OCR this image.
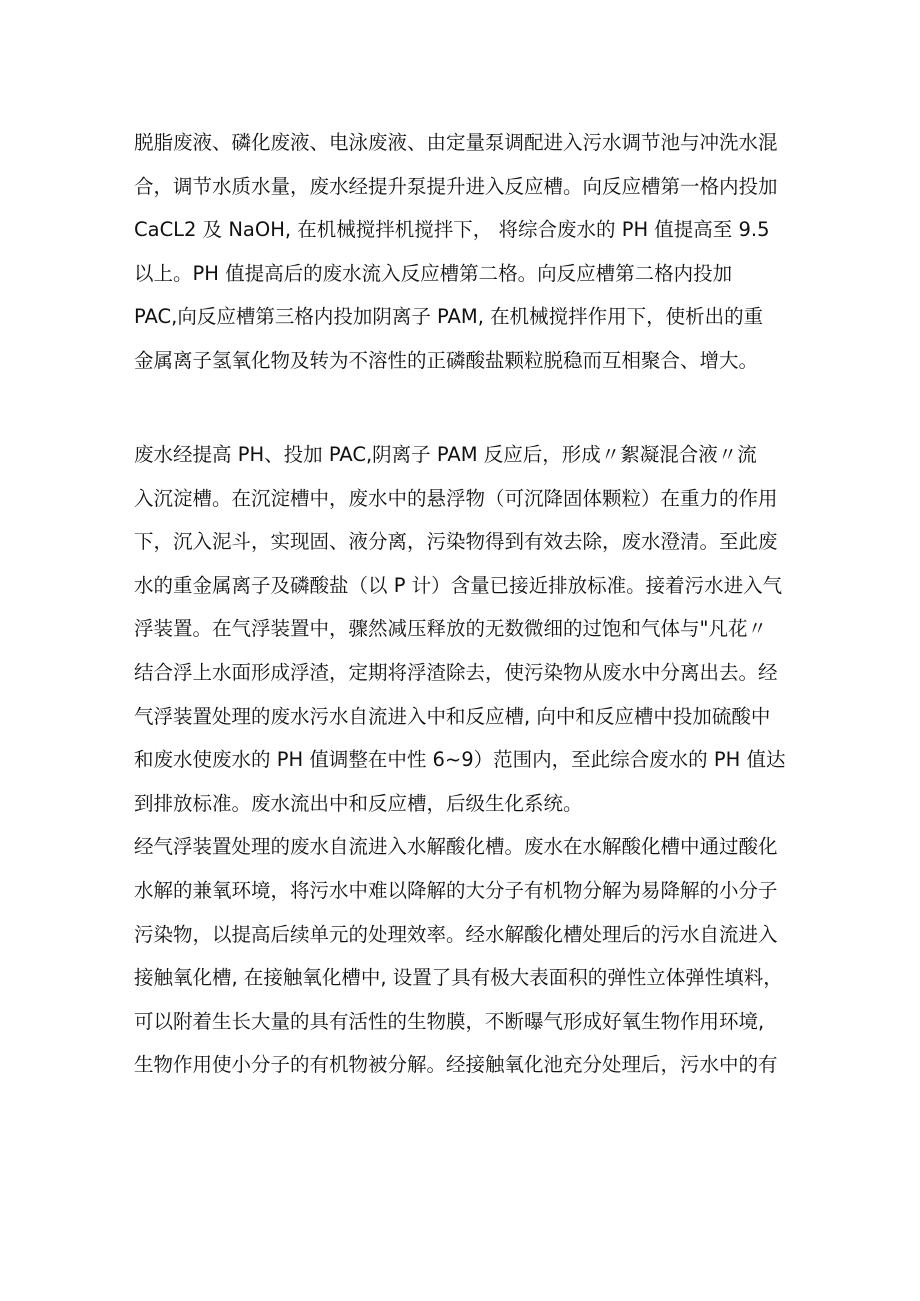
脱脂废液、磷化废液、电泳废液、由定量泵调配进入污水调节池与冲洗水混
合，调节水质水量，废水经提升泵提升进入反应槽。向反应槽第一格内投加
CaCL2 及 NaOH, 在机械搅拌机搅拌下， 将综合废水的 PH 值提高至 9.5
以上。PH 值提高后的废水流入反应槽第二格。向反应槽第二格内投加
PAC,向反应槽第三格内投加阴离子 PAM, 在机械搅拌作用下，使析出的重
金属离子氢氧化物及转为不溶性的正磷酸盐颗粒脱稳而互相聚合、增大。
废水经提高 PH、投加 PAC,阴离子 PAM 反应后，形成〃絮凝混合液〃流
入沉淀槽。在沉淀槽中，废水中的悬浮物（可沉降固体颗粒）在重力的作用
下，沉入泥斗，实现固、液分离，污染物得到有效去除，废水澄清。至此废
水的重金属离子及磷酸盐（以 P 计）含量已接近排放标准。接着污水进入气
浮装置。在气浮装置中，骤然减压释放的无数微细的过饱和气体与"凡花〃
结合浮上水面形成浮渣，定期将浮渣除去，使污染物从废水中分离出去。经
气浮装置处理的废水污水自流进入中和反应槽, 向中和反应槽中投加硫酸中
和废水使废水的 PH 值调整在中性 6~9）范围内，至此综合废水的 PH 值达
到排放标准。废水流出中和反应槽，后级生化系统。
经气浮装置处理的废水自流进入水解酸化槽。废水在水解酸化槽中通过酸化
水解的兼氧环境，将污水中难以降解的大分子有机物分解为易降解的小分子
污染物，以提高后续单元的处理效率。经水解酸化槽处理后的污水自流进入
接触氧化槽, 在接触氧化槽中, 设置了具有极大表面积的弹性立体弹性填料，
可以附着生长大量的具有活性的生物膜，不断曝气形成好氧生物作用环境,
生物作用使小分子的有机物被分解。经接触氧化池充分处理后，污水中的有
